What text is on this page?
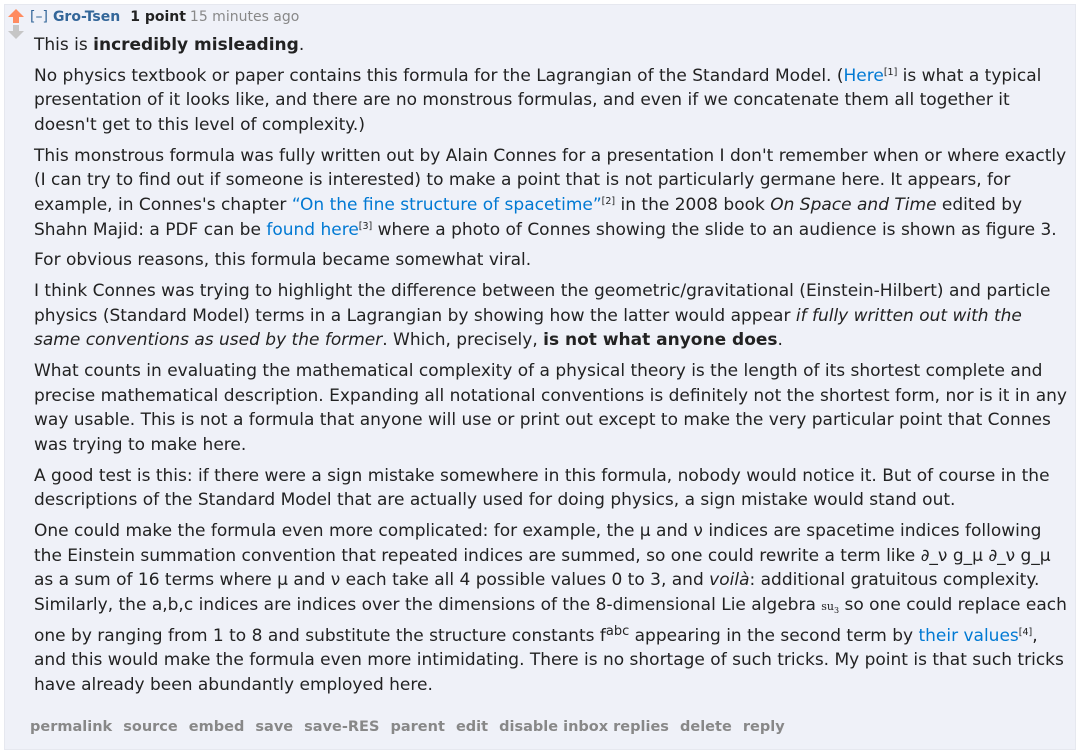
[–] Gro-Tsen 1 point 15 minutes ago

This is incredibly misleading.

No physics textbook or paper contains this formula for the Lagrangian of the Standard Model. (Here[1] is what a typical presentation of it looks like, and there are no monstrous formulas, and even if we concatenate them all together it doesn't get to this level of complexity.)

This monstrous formula was fully written out by Alain Connes for a presentation I don't remember when or where exactly (I can try to find out if someone is interested) to make a point that is not particularly germane here. It appears, for example, in Connes's chapter “On the fine structure of spacetime”[2] in the 2008 book On Space and Time edited by Shahn Majid: a PDF can be found here[3] where a photo of Connes showing the slide to an audience is shown as figure 3.

For obvious reasons, this formula became somewhat viral.

I think Connes was trying to highlight the difference between the geometric/gravitational (Einstein-Hilbert) and particle physics (Standard Model) terms in a Lagrangian by showing how the latter would appear if fully written out with the same conventions as used by the former. Which, precisely, is not what anyone does.

What counts in evaluating the mathematical complexity of a physical theory is the length of its shortest complete and precise mathematical description. Expanding all notational conventions is definitely not the shortest form, nor is it in any way usable. This is not a formula that anyone will use or print out except to make the very particular point that Connes was trying to make here.

A good test is this: if there were a sign mistake somewhere in this formula, nobody would notice it. But of course in the descriptions of the Standard Model that are actually used for doing physics, a sign mistake would stand out.

One could make the formula even more complicated: for example, the μ and ν indices are spacetime indices following the Einstein summation convention that repeated indices are summed, so one could rewrite a term like ∂_ν g_μ ∂_ν g_μ as a sum of 16 terms where μ and ν each take all 4 possible values 0 to 3, and voilà: additional gratuitous complexity. Similarly, the a,b,c indices are indices over the dimensions of the 8-dimensional Lie algebra $su_3$ so one could replace each one by ranging from 1 to 8 and substitute the structure constants $f^{abc}$ appearing in the second term by their values[4], and this would make the formula even more intimidating. There is no shortage of such tricks. My point is that such tricks have already been abundantly employed here.

permalink source embed save save-RES parent edit disable inbox replies delete reply
